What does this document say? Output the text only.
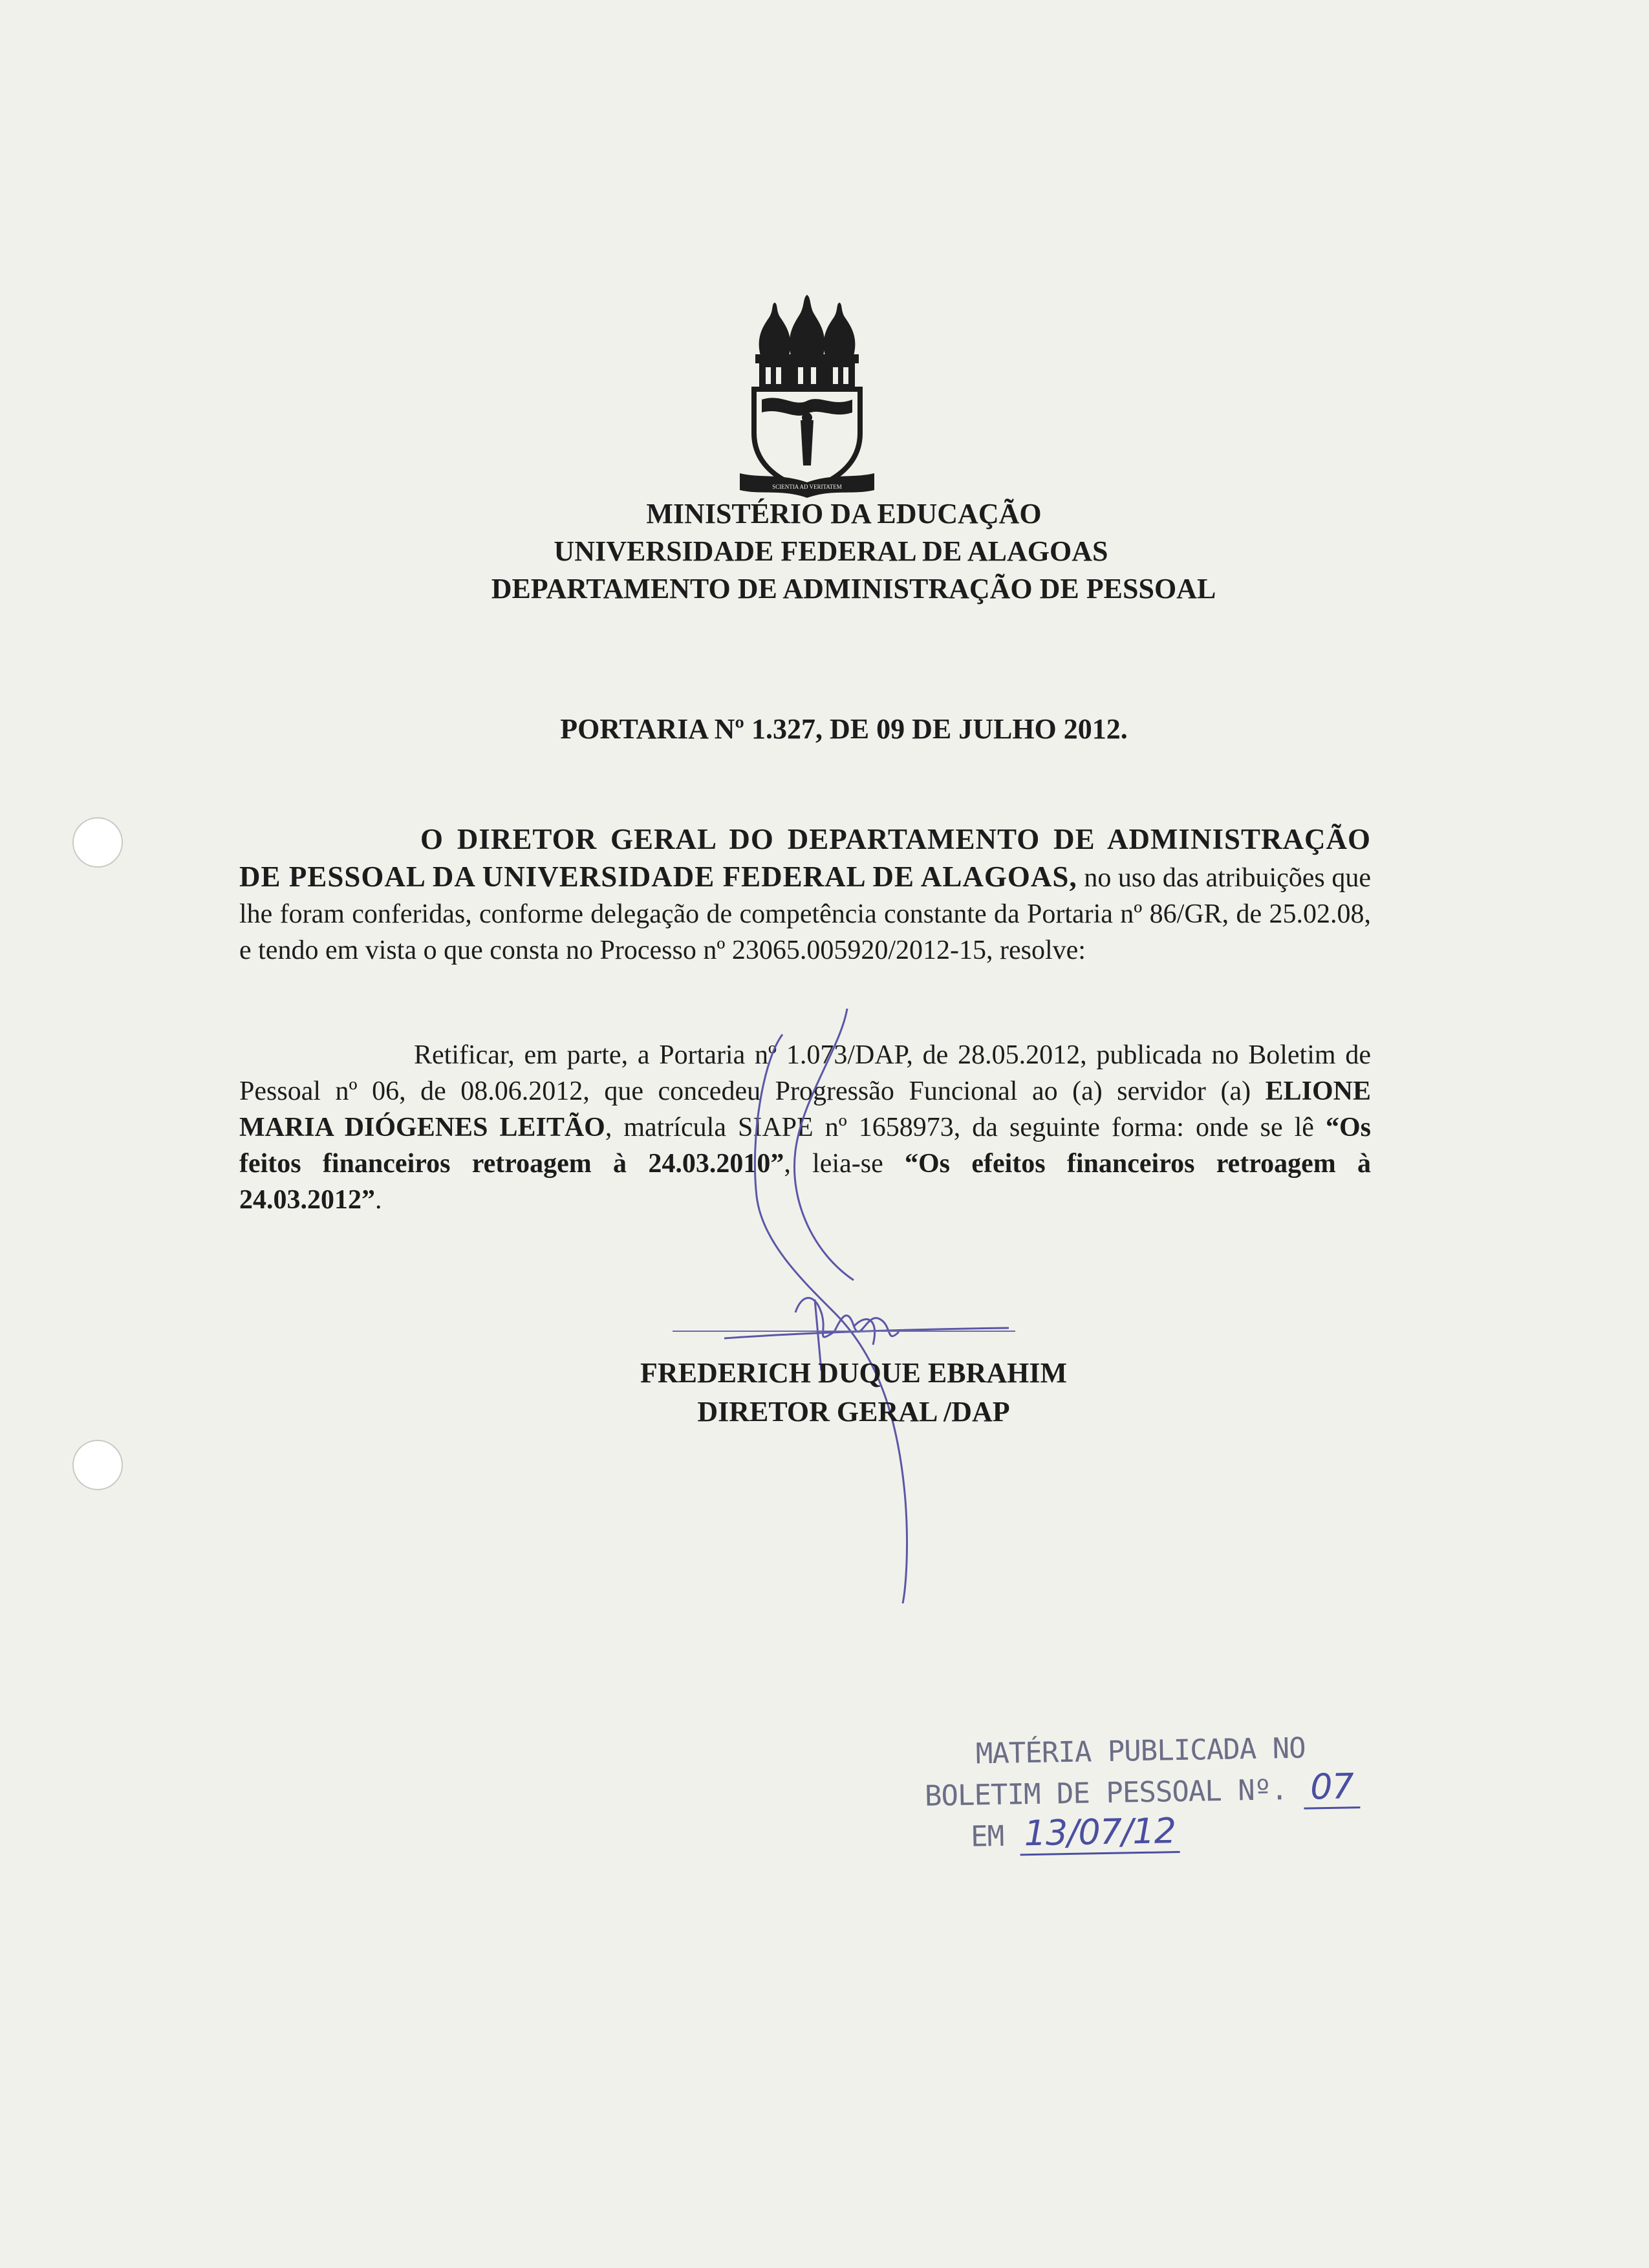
SCIENTIA AD VERITATEM
MINISTÉRIO DA EDUCAÇÃO
UNIVERSIDADE FEDERAL DE ALAGOAS
DEPARTAMENTO DE ADMINISTRAÇÃO DE PESSOAL
PORTARIA Nº 1.327, DE 09 DE JULHO 2012.
O DIRETOR GERAL DO DEPARTAMENTO DE ADMINISTRAÇÃO DE PESSOAL DA UNIVERSIDADE FEDERAL DE ALAGOAS, no uso das atribuições que lhe foram conferidas, conforme delegação de competência constante da Portaria nº 86/GR, de 25.02.08, e tendo em vista o que consta no Processo nº 23065.005920/2012-15, resolve:
Retificar, em parte, a Portaria nº 1.073/DAP, de 28.05.2012, publicada no Boletim de Pessoal nº 06, de 08.06.2012, que concedeu Progressão Funcional ao (a) servidor (a) ELIONE MARIA DIÓGENES LEITÃO, matrícula SIAPE nº 1658973, da seguinte forma: onde se lê “Os feitos financeiros retroagem à 24.03.2010”, leia-se “Os efeitos financeiros retroagem à 24.03.2012”.
FREDERICH DUQUE EBRAHIM
DIRETOR GERAL /DAP
MATÉRIA PUBLICADA NO
BOLETIM DE PESSOAL Nº. 07
EM 13/07/12
